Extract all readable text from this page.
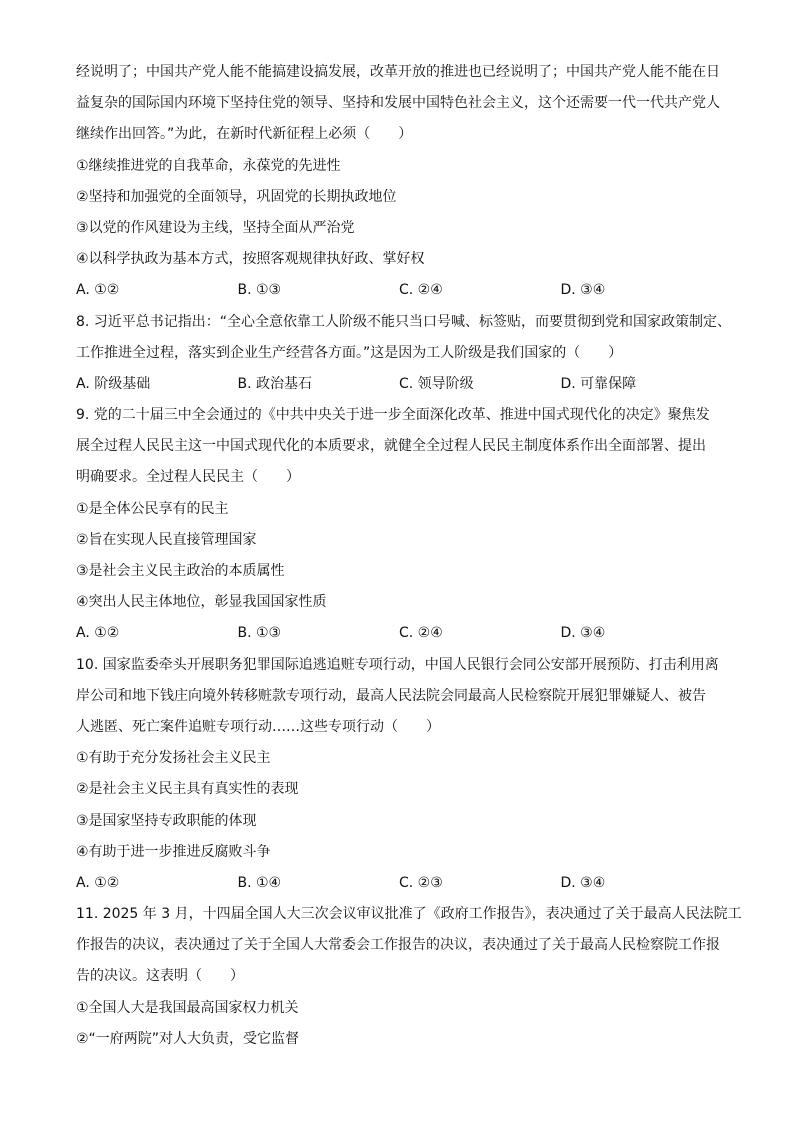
经说明了；中国共产党人能不能搞建设搞发展，改革开放的推进也已经说明了；中国共产党人能不能在日
益复杂的国际国内环境下坚持住党的领导、坚持和发展中国特色社会主义，这个还需要一代一代共产党人
继续作出回答。”为此，在新时代新征程上必须（　　）
①继续推进党的自我革命，永葆党的先进性
②坚持和加强党的全面领导，巩固党的长期执政地位
③以党的作风建设为主线，坚持全面从严治党
④以科学执政为基本方式，按照客观规律执好政、掌好权
A. ①②	B. ①③	C. ②④	D. ③④
8. 习近平总书记指出：“全心全意依靠工人阶级不能只当口号喊、标签贴，而要贯彻到党和国家政策制定、
工作推进全过程，落实到企业生产经营各方面。”这是因为工人阶级是我们国家的（　　）
A. 阶级基础	B. 政治基石	C. 领导阶级	D. 可靠保障
9. 党的二十届三中全会通过的《中共中央关于进一步全面深化改革、推进中国式现代化的决定》聚焦发
展全过程人民民主这一中国式现代化的本质要求，就健全全过程人民民主制度体系作出全面部署、提出
明确要求。全过程人民民主（　　）
①是全体公民享有的民主
②旨在实现人民直接管理国家
③是社会主义民主政治的本质属性
④突出人民主体地位，彰显我国国家性质
A. ①②	B. ①③	C. ②④	D. ③④
10. 国家监委牵头开展职务犯罪国际追逃追赃专项行动，中国人民银行会同公安部开展预防、打击利用离
岸公司和地下钱庄向境外转移赃款专项行动，最高人民法院会同最高人民检察院开展犯罪嫌疑人、被告
人逃匿、死亡案件追赃专项行动……这些专项行动（　　）
①有助于充分发扬社会主义民主
②是社会主义民主具有真实性的表现
③是国家坚持专政职能的体现
④有助于进一步推进反腐败斗争
A. ①②	B. ①④	C. ②③	D. ③④
11. 2025 年 3 月，十四届全国人大三次会议审议批准了《政府工作报告》，表决通过了关于最高人民法院工
作报告的决议，表决通过了关于全国人大常委会工作报告的决议，表决通过了关于最高人民检察院工作报
告的决议。这表明（　　）
①全国人大是我国最高国家权力机关
②“一府两院”对人大负责，受它监督
